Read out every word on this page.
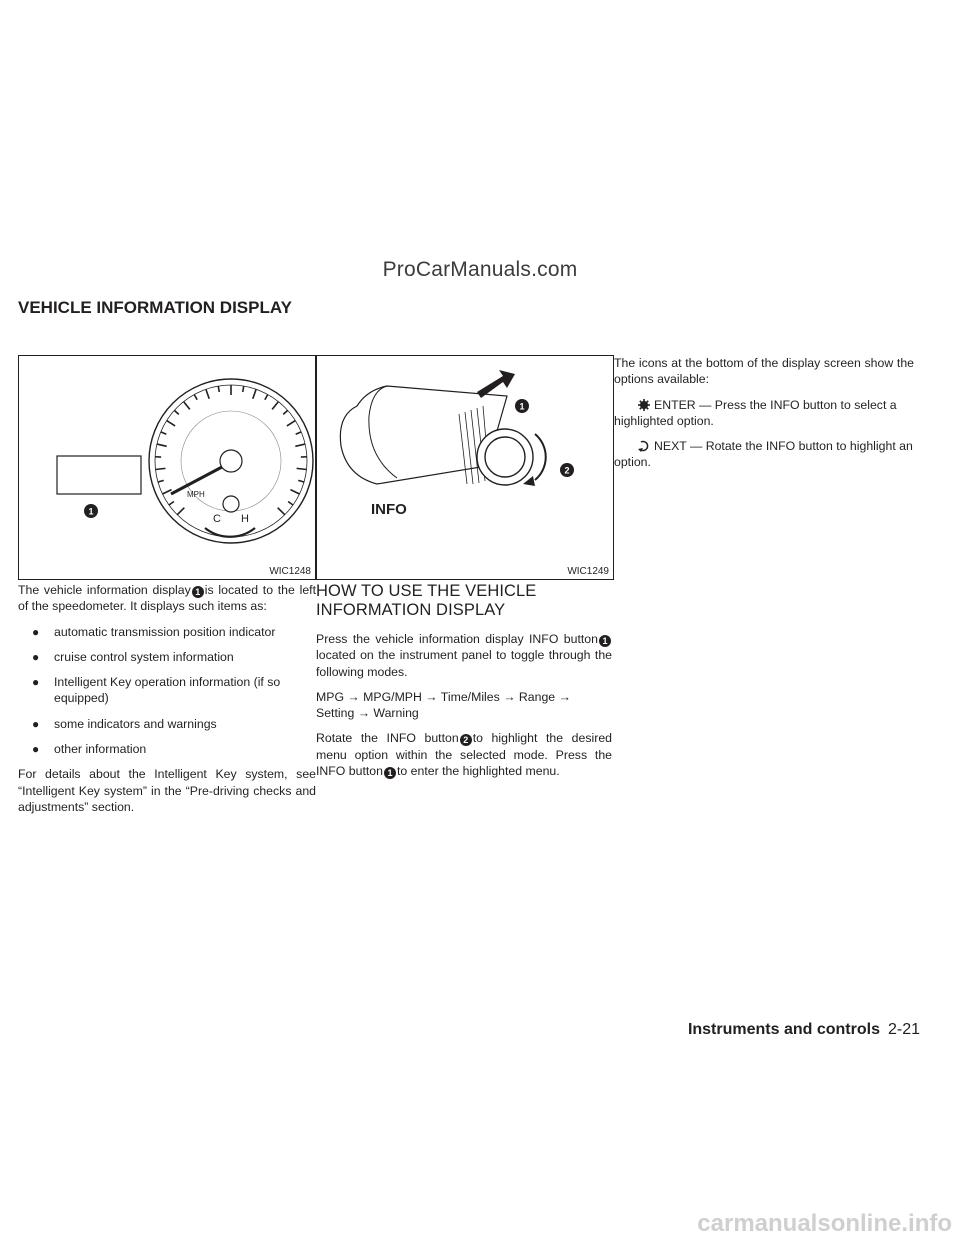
ProCarManuals.com
VEHICLE INFORMATION DISPLAY
MPH
C H
1
WIC1248
1
2
INFO
WIC1249

The vehicle information display 1 is located to the left of the speedometer. It displays such items as:

● automatic transmission position indicator
● cruise control system information
● Intelligent Key operation information (if so equipped)
● some indicators and warnings
● other information

For details about the Intelligent Key system, see “Intelligent Key system” in the “Pre-driving checks and adjustments” section.

HOW TO USE THE VEHICLE INFORMATION DISPLAY

Press the vehicle information display INFO button 1located on the instrument panel to toggle through the following modes.

MPG → MPG/MPH → Time/Miles → Range → Setting → Warning

Rotate the INFO button 2 to highlight the desired menu option within the selected mode. Press the INFO button 1 to enter the highlighted menu.

The icons at the bottom of the display screen show the options available:

ENTER — Press the INFO button to select a highlighted option.

NEXT — Rotate the INFO button to highlight an option.

Instruments and controls 2-21
carmanualsonline.info
